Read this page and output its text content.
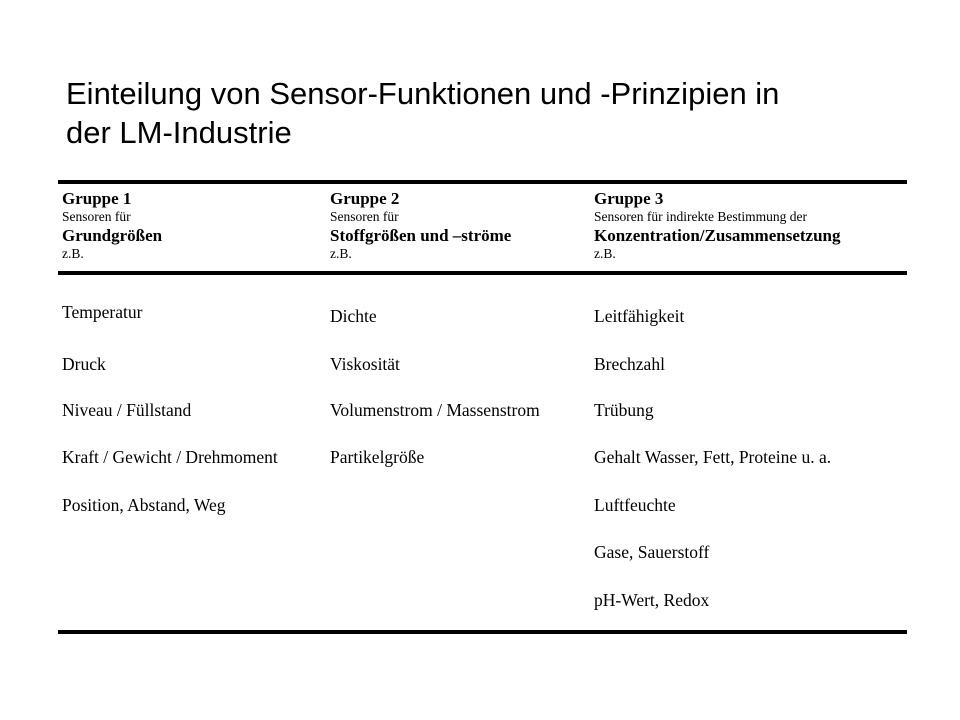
Einteilung von Sensor-Funktionen und -Prinzipien in
der LM-Industrie
Gruppe 1
Sensoren für
Grundgrößen
z.B.
Gruppe 2
Sensoren für
Stoffgrößen und –ströme
z.B.
Gruppe 3
Sensoren für indirekte Bestimmung der
Konzentration/Zusammensetzung
z.B.
Temperatur
Druck
Niveau / Füllstand
Kraft / Gewicht / Drehmoment
Position, Abstand, Weg
Dichte
Viskosität
Volumenstrom / Massenstrom
Partikelgröße
Leitfähigkeit
Brechzahl
Trübung
Gehalt Wasser, Fett, Proteine u. a.
Luftfeuchte
Gase, Sauerstoff
pH-Wert, Redox
